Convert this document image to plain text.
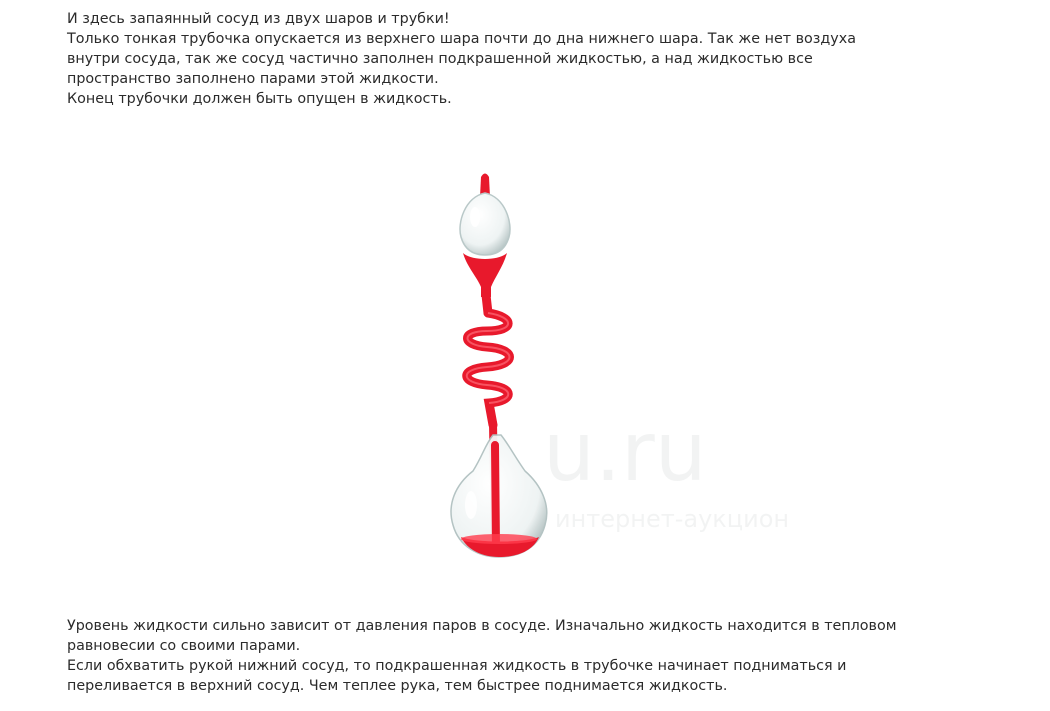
И здесь запаянный сосуд из двух шаров и трубки!
Только тонкая трубочка опускается из верхнего шара почти до дна нижнего шара. Так же нет воздуха
внутри сосуда, так же сосуд частично заполнен подкрашенной жидкостью, а над жидкостью все
пространство заполнено парами этой жидкости.
Конец трубочки должен быть опущен в жидкость.
u.ru
интернет-аукцион
Уровень жидкости сильно зависит от давления паров в сосуде. Изначально жидкость находится в тепловом
равновесии со своими парами.
Если обхватить рукой нижний сосуд, то подкрашенная жидкость в трубочке начинает подниматься и
переливается в верхний сосуд. Чем теплее рука, тем быстрее поднимается жидкость.
